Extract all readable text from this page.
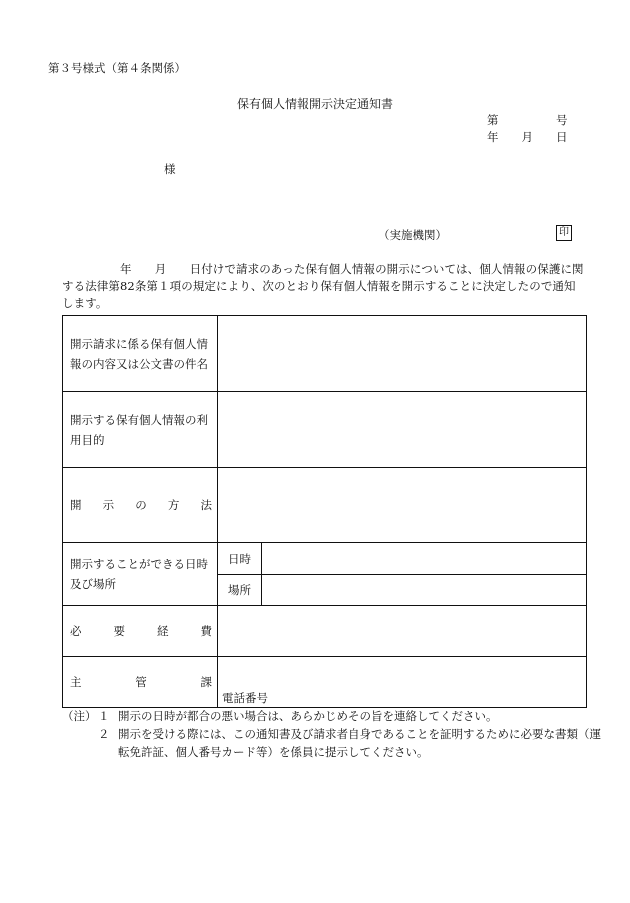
第３号様式（第４条関係）
保有個人情報開示決定通知書
第　　　　　号
年　　月　　日
様
（実施機関）	印
年　　月　　日付けで請求のあった保有個人情報の開示については、個人情報の保護に関する法律第82条第１項の規定により、次のとおり保有個人情報を開示することに決定したので通知します。
開示請求に係る保有個人情報の内容又は公文書の件名		
開示する保有個人情報の利用目的		
開示の方法		
開示することができる日時及び場所	日時	
	場所	
必要経費		
主管課	電話番号	
（注） １ 開示の日時が都合の悪い場合は、あらかじめその旨を連絡してください。
２ 開示を受ける際には、この通知書及び請求者自身であることを証明するために必要な書類（運転免許証、個人番号カード等）を係員に提示してください。
